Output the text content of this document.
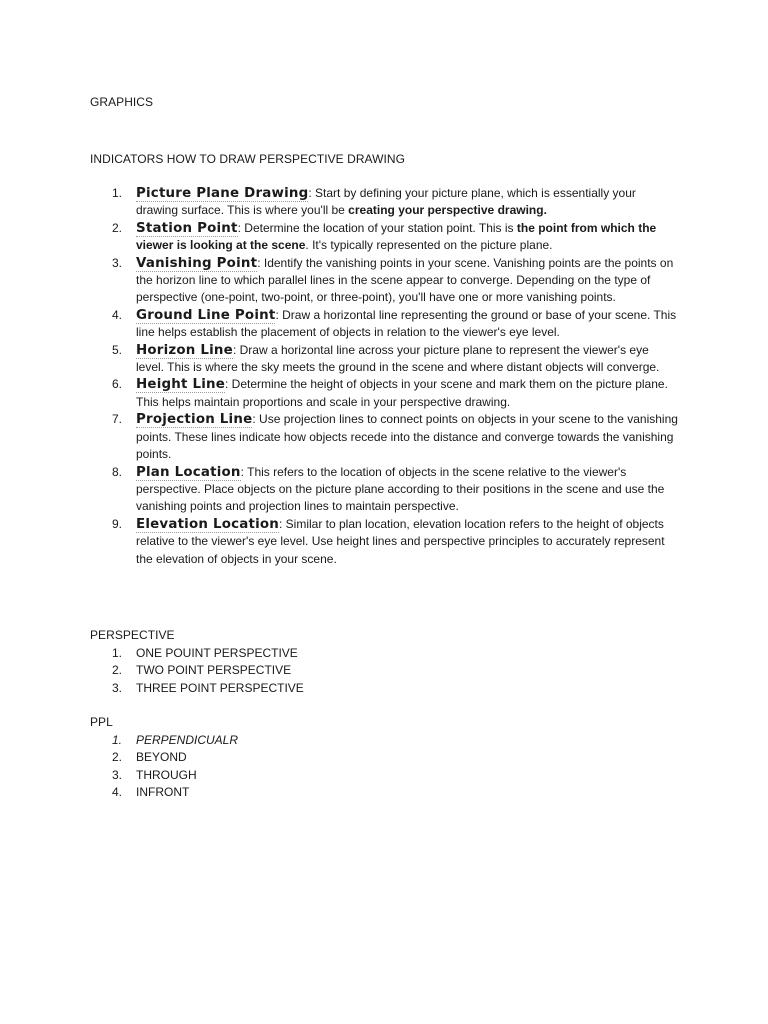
GRAPHICS
INDICATORS HOW TO DRAW PERSPECTIVE DRAWING
1.	Picture Plane Drawing: Start by defining your picture plane, which is essentially your drawing surface. This is where you'll be creating your perspective drawing.
2.	Station Point: Determine the location of your station point. This is the point from which the viewer is looking at the scene. It's typically represented on the picture plane.
3.	Vanishing Point: Identify the vanishing points in your scene. Vanishing points are the points on the horizon line to which parallel lines in the scene appear to converge. Depending on the type of perspective (one-point, two-point, or three-point), you'll have one or more vanishing points.
4.	Ground Line Point: Draw a horizontal line representing the ground or base of your scene. This line helps establish the placement of objects in relation to the viewer's eye level.
5.	Horizon Line: Draw a horizontal line across your picture plane to represent the viewer's eye level. This is where the sky meets the ground in the scene and where distant objects will converge.
6.	Height Line: Determine the height of objects in your scene and mark them on the picture plane. This helps maintain proportions and scale in your perspective drawing.
7.	Projection Line: Use projection lines to connect points on objects in your scene to the vanishing points. These lines indicate how objects recede into the distance and converge towards the vanishing points.
8.	Plan Location: This refers to the location of objects in the scene relative to the viewer's perspective. Place objects on the picture plane according to their positions in the scene and use the vanishing points and projection lines to maintain perspective.
9.	Elevation Location: Similar to plan location, elevation location refers to the height of objects relative to the viewer's eye level. Use height lines and perspective principles to accurately represent the elevation of objects in your scene.
PERSPECTIVE
1.	ONE POUINT PERSPECTIVE
2.	TWO POINT PERSPECTIVE
3.	THREE POINT PERSPECTIVE
PPL
1.	PERPENDICUALR
2.	BEYOND
3.	THROUGH
4.	INFRONT
